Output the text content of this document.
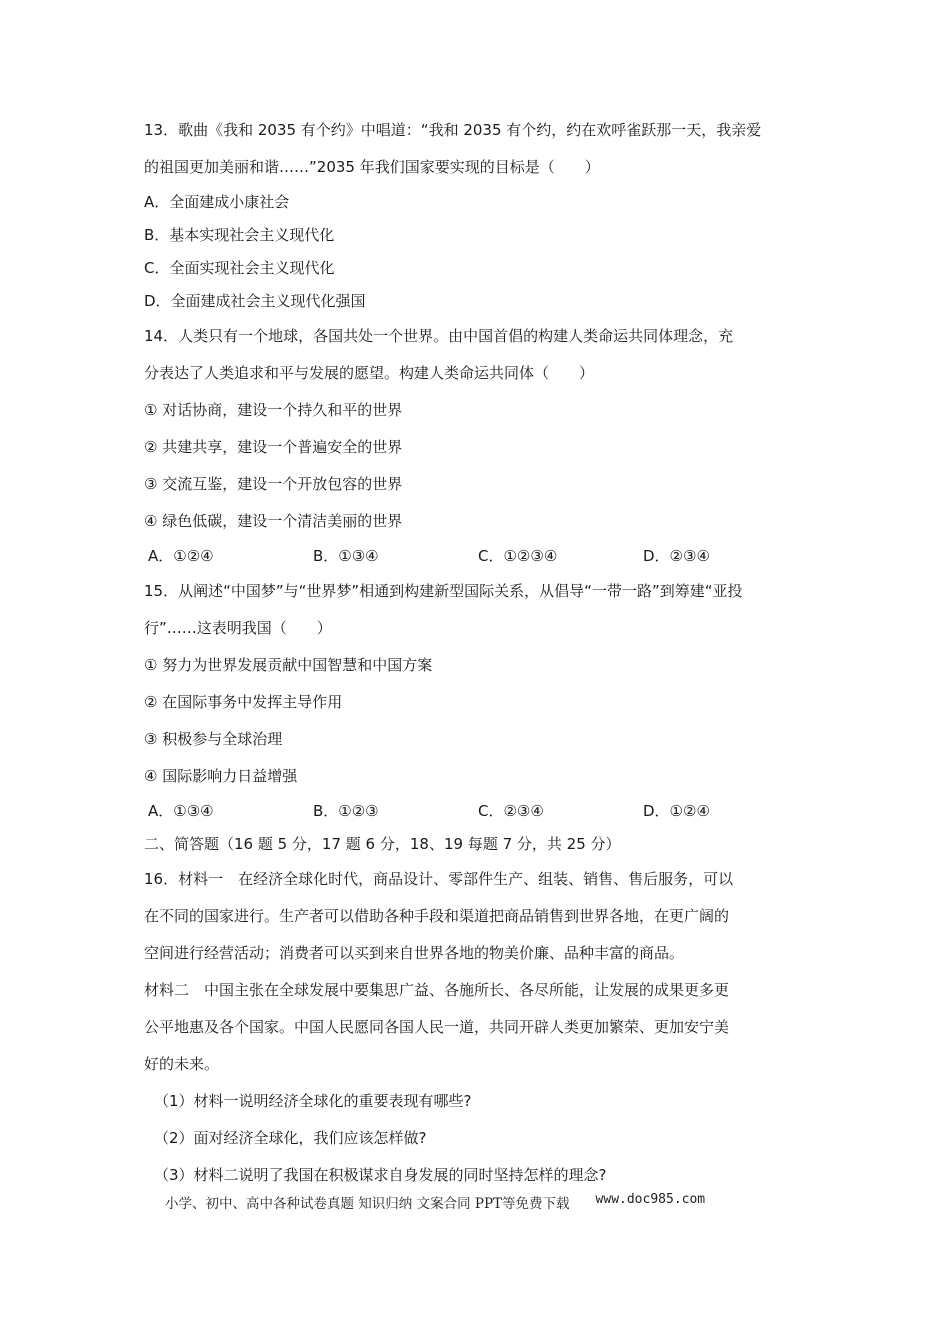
13．歌曲《我和 2035 有个约》中唱道：“我和 2035 有个约，约在欢呼雀跃那一天，我亲爱
的祖国更加美丽和谐……”2035 年我们国家要实现的目标是（　　）
A．全面建成小康社会
B．基本实现社会主义现代化
C．全面实现社会主义现代化
D．全面建成社会主义现代化强国
14．人类只有一个地球，各国共处一个世界。由中国首倡的构建人类命运共同体理念，充
分表达了人类追求和平与发展的愿望。构建人类命运共同体（　　）
① 对话协商，建设一个持久和平的世界
② 共建共享，建设一个普遍安全的世界
③ 交流互鉴，建设一个开放包容的世界
④ 绿色低碳，建设一个清洁美丽的世界
A．①②④	B．①③④	C．①②③④	D．②③④
15．从阐述“中国梦”与“世界梦”相通到构建新型国际关系，从倡导“一带一路”到筹建“亚投
行”……这表明我国（　　）
① 努力为世界发展贡献中国智慧和中国方案
② 在国际事务中发挥主导作用
③ 积极参与全球治理
④ 国际影响力日益增强
A．①③④	B．①②③	C．②③④	D．①②④
二、简答题（16 题 5 分，17 题 6 分，18、19 每题 7 分，共 25 分）
16．材料一　在经济全球化时代，商品设计、零部件生产、组装、销售、售后服务，可以
在不同的国家进行。生产者可以借助各种手段和渠道把商品销售到世界各地，在更广阔的
空间进行经营活动；消费者可以买到来自世界各地的物美价廉、品种丰富的商品。
材料二　中国主张在全球发展中要集思广益、各施所长、各尽所能，让发展的成果更多更
公平地惠及各个国家。中国人民愿同各国人民一道，共同开辟人类更加繁荣、更加安宁美
好的未来。
（1）材料一说明经济全球化的重要表现有哪些?
（2）面对经济全球化，我们应该怎样做?
（3）材料二说明了我国在积极谋求自身发展的同时坚持怎样的理念?
小学、初中、高中各种试卷真题 知识归纳 文案合同 PPT等免费下载 www.doc985.com
